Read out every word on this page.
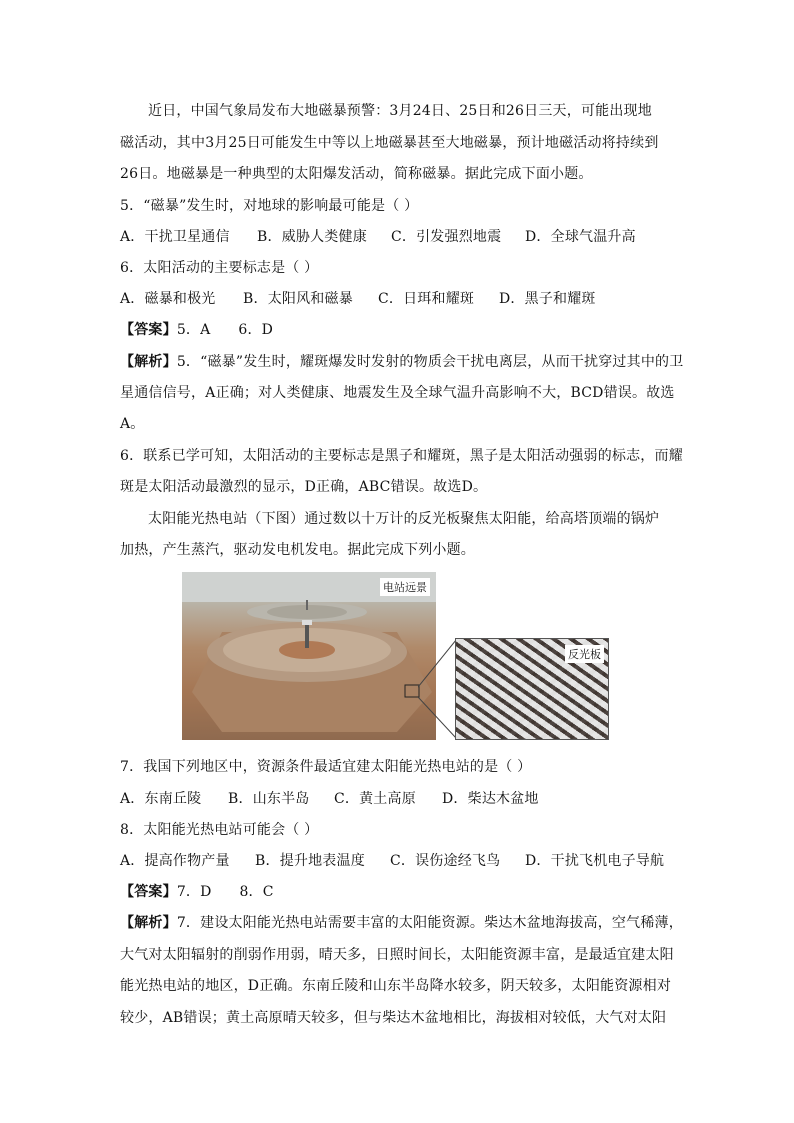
近日，中国气象局发布大地磁暴预警：3月24日、25日和26日三天，可能出现地
磁活动，其中3月25日可能发生中等以上地磁暴甚至大地磁暴，预计地磁活动将持续到
26日。地磁暴是一种典型的太阳爆发活动，简称磁暴。据此完成下面小题。
5．“磁暴”发生时，对地球的影响最可能是（ ）
A．干扰卫星通信 B．威胁人类健康 C．引发强烈地震 D．全球气温升高
6．太阳活动的主要标志是（ ）
A．磁暴和极光 B．太阳风和磁暴 C．日珥和耀斑 D．黑子和耀斑
【答案】5．A      6．D
【解析】5．“磁暴”发生时，耀斑爆发时发射的物质会干扰电离层，从而干扰穿过其中的卫
星通信信号，A正确；对人类健康、地震发生及全球气温升高影响不大，BCD错误。故选
A。
6．联系已学可知，太阳活动的主要标志是黑子和耀斑，黑子是太阳活动强弱的标志，而耀
斑是太阳活动最激烈的显示，D正确，ABC错误。故选D。
太阳能光热电站（下图）通过数以十万计的反光板聚焦太阳能，给高塔顶端的锅炉
加热，产生蒸汽，驱动发电机发电。据此完成下列小题。
电站远景
反光板
7．我国下列地区中，资源条件最适宜建太阳能光热电站的是（ ）
A．东南丘陵 B．山东半岛 C．黄土高原 D．柴达木盆地
8．太阳能光热电站可能会（ ）
A．提高作物产量 B．提升地表温度 C．误伤途经飞鸟 D．干扰飞机电子导航
【答案】7．D      8．C
【解析】7．建设太阳能光热电站需要丰富的太阳能资源。柴达木盆地海拔高，空气稀薄，
大气对太阳辐射的削弱作用弱，晴天多，日照时间长，太阳能资源丰富，是最适宜建太阳
能光热电站的地区，D正确。东南丘陵和山东半岛降水较多，阴天较多，太阳能资源相对
较少，AB错误；黄土高原晴天较多，但与柴达木盆地相比，海拔相对较低，大气对太阳
